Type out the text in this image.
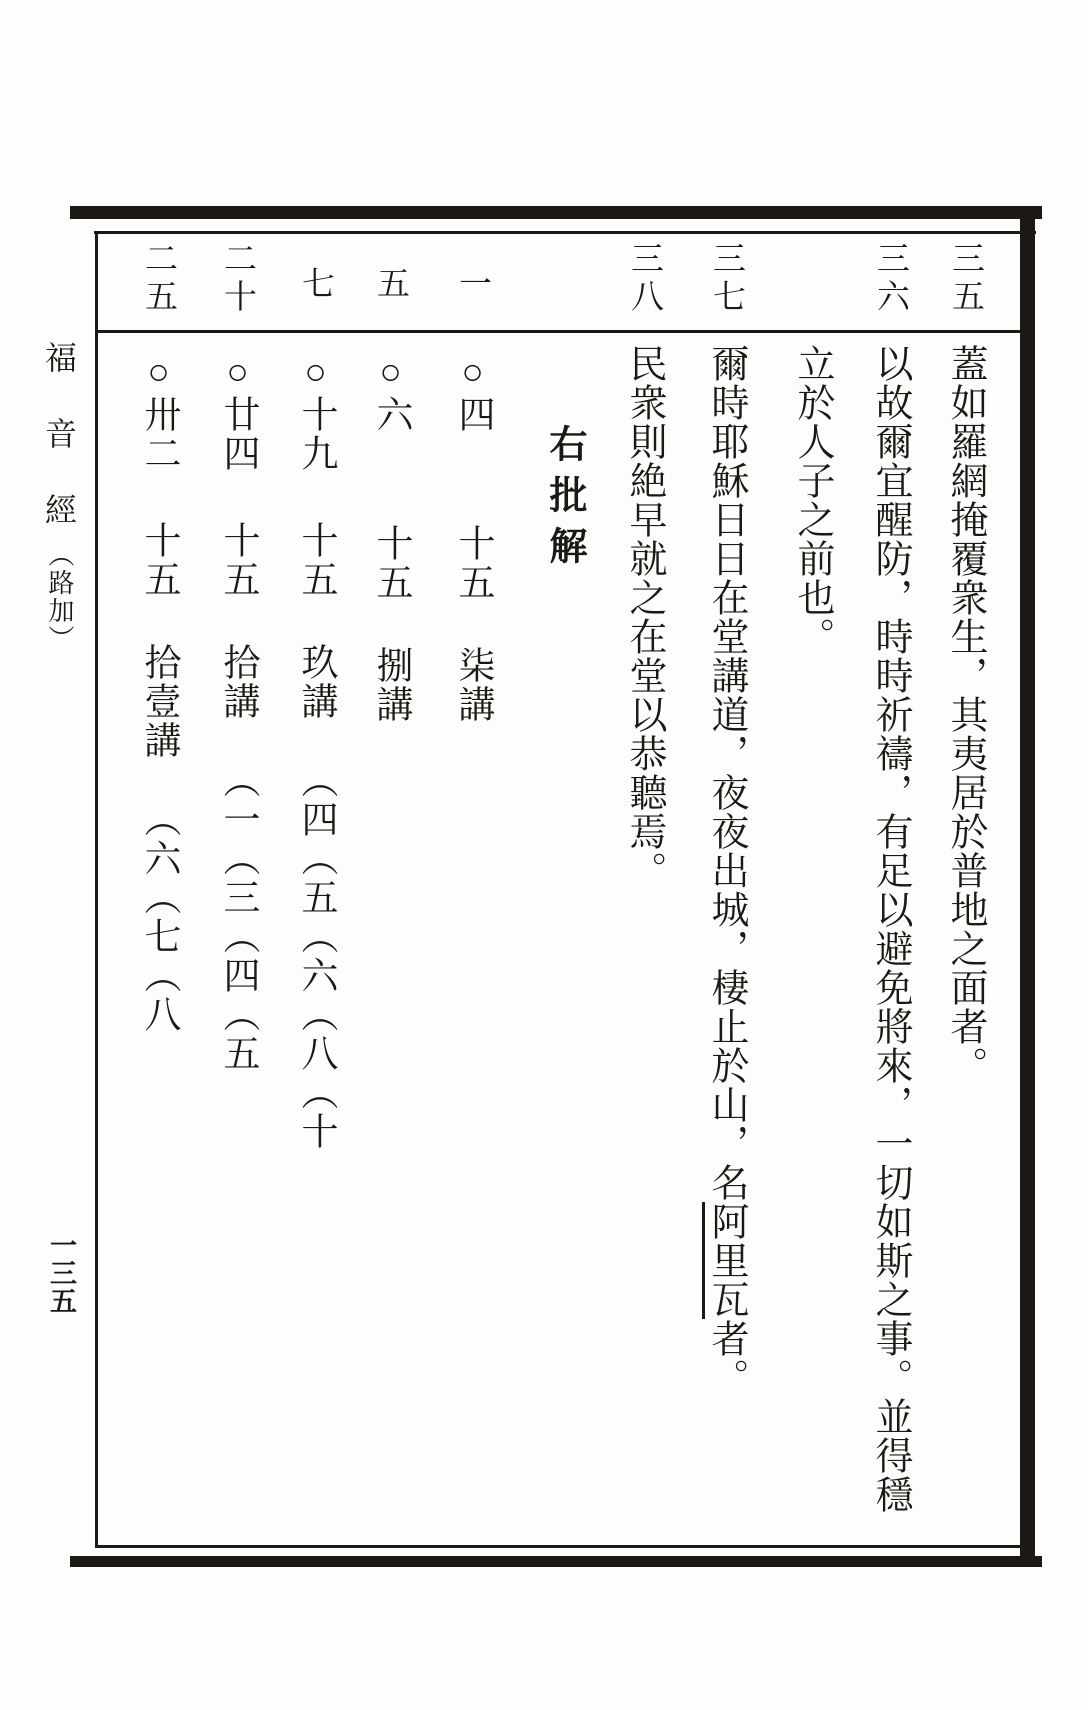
三五
三六
三七
三八
一
五
七
二十
二五
蓋如羅網掩覆衆生，其夷居於普地之面者。
以故爾宜醒防，時時祈禱，有足以避免將來，一切如斯之事。並得穩
立於人子之前也。
爾時耶穌日日在堂講道，夜夜出城，棲止於山，名阿里瓦者。
民衆則絶早就之在堂以恭聽焉。
右批解
○四十五柒講
○六十五捌講
○十九十五玖講（四（五（六（八（十
○廿四十五拾講（一（三（四（五
○卅二十五拾壹講（六（七（八
福音經（路加）
一三五
